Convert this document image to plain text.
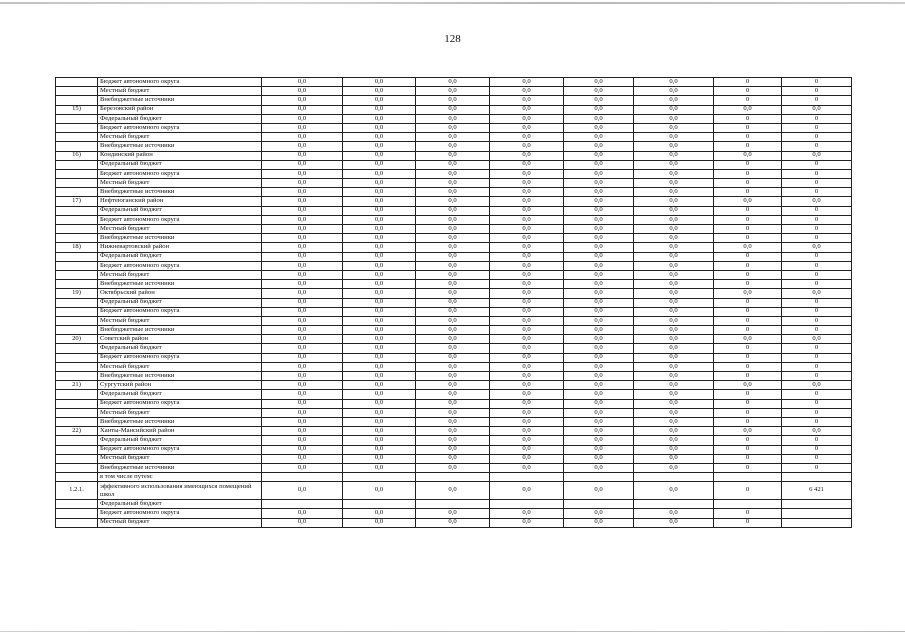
128
	Бюджет автономного округа	0,0	0,0	0,0	0,0	0,0	0,0	0	0
	Местный бюджет	0,0	0,0	0,0	0,0	0,0	0,0	0	0
	Внебюджетные источники	0,0	0,0	0,0	0,0	0,0	0,0	0	0
15)	Березовский район	0,0	0,0	0,0	0,0	0,0	0,0	0,0	0,0
	Федеральный бюджет	0,0	0,0	0,0	0,0	0,0	0,0	0	0
	Бюджет автономного округа	0,0	0,0	0,0	0,0	0,0	0,0	0	0
	Местный бюджет	0,0	0,0	0,0	0,0	0,0	0,0	0	0
	Внебюджетные источники	0,0	0,0	0,0	0,0	0,0	0,0	0	0
16)	Кондинский район	0,0	0,0	0,0	0,0	0,0	0,0	0,0	0,0
	Федеральный бюджет	0,0	0,0	0,0	0,0	0,0	0,0	0	0
	Бюджет автономного округа	0,0	0,0	0,0	0,0	0,0	0,0	0	0
	Местный бюджет	0,0	0,0	0,0	0,0	0,0	0,0	0	0
	Внебюджетные источники	0,0	0,0	0,0	0,0	0,0	0,0	0	0
17)	Нефтеюганский район	0,0	0,0	0,0	0,0	0,0	0,0	0,0	0,0
	Федеральный бюджет	0,0	0,0	0,0	0,0	0,0	0,0	0	0
	Бюджет автономного округа	0,0	0,0	0,0	0,0	0,0	0,0	0	0
	Местный бюджет	0,0	0,0	0,0	0,0	0,0	0,0	0	0
	Внебюджетные источники	0,0	0,0	0,0	0,0	0,0	0,0	0	0
18)	Нижневартовский район	0,0	0,0	0,0	0,0	0,0	0,0	0,0	0,0
	Федеральный бюджет	0,0	0,0	0,0	0,0	0,0	0,0	0	0
	Бюджет автономного округа	0,0	0,0	0,0	0,0	0,0	0,0	0	0
	Местный бюджет	0,0	0,0	0,0	0,0	0,0	0,0	0	0
	Внебюджетные источники	0,0	0,0	0,0	0,0	0,0	0,0	0	0
19)	Октябрьский район	0,0	0,0	0,0	0,0	0,0	0,0	0,0	0,0
	Федеральный бюджет	0,0	0,0	0,0	0,0	0,0	0,0	0	0
	Бюджет автономного округа	0,0	0,0	0,0	0,0	0,0	0,0	0	0
	Местный бюджет	0,0	0,0	0,0	0,0	0,0	0,0	0	0
	Внебюджетные источники	0,0	0,0	0,0	0,0	0,0	0,0	0	0
20)	Советский район	0,0	0,0	0,0	0,0	0,0	0,0	0,0	0,0
	Федеральный бюджет	0,0	0,0	0,0	0,0	0,0	0,0	0	0
	Бюджет автономного округа	0,0	0,0	0,0	0,0	0,0	0,0	0	0
	Местный бюджет	0,0	0,0	0,0	0,0	0,0	0,0	0	0
	Внебюджетные источники	0,0	0,0	0,0	0,0	0,0	0,0	0	0
21)	Сургутский район	0,0	0,0	0,0	0,0	0,0	0,0	0,0	0,0
	Федеральный бюджет	0,0	0,0	0,0	0,0	0,0	0,0	0	0
	Бюджет автономного округа	0,0	0,0	0,0	0,0	0,0	0,0	0	0
	Местный бюджет	0,0	0,0	0,0	0,0	0,0	0,0	0	0
	Внебюджетные источники	0,0	0,0	0,0	0,0	0,0	0,0	0	0
22)	Ханты-Мансийский район	0,0	0,0	0,0	0,0	0,0	0,0	0,0	0,0
	Федеральный бюджет	0,0	0,0	0,0	0,0	0,0	0,0	0	0
	Бюджет автономного округа	0,0	0,0	0,0	0,0	0,0	0,0	0	0
	Местный бюджет	0,0	0,0	0,0	0,0	0,0	0,0	0	0
	Внебюджетные источники	0,0	0,0	0,0	0,0	0,0	0,0	0	0
	в том числе путем:								
1.2.1.	эффективного использования имеющихся помещений школ	0,0	0,0	0,0	0,0	0,0	0,0	0	6 421
	Федеральный бюджет								
	Бюджет автономного округа	0,0	0,0	0,0	0,0	0,0	0,0	0	
	Местный бюджет	0,0	0,0	0,0	0,0	0,0	0,0	0	
